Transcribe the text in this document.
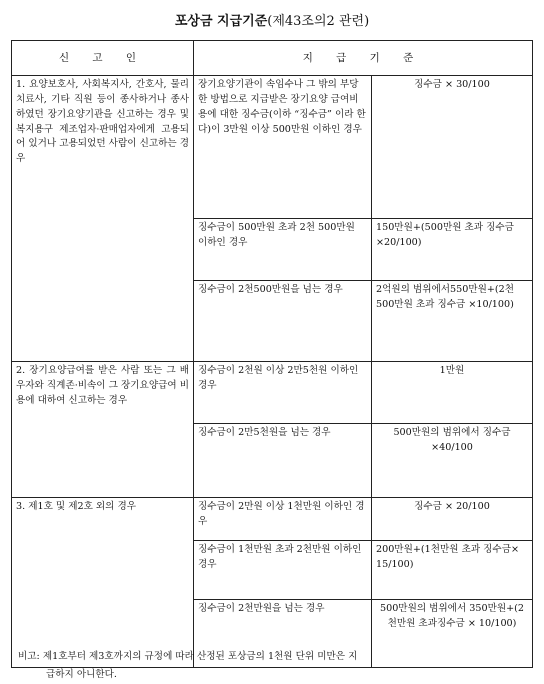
포상금 지급기준(제43조의2 관련)
신 고 인	지 급 기 준	
1. 요양보호사, 사회복지사, 간호사, 물리치료사, 기타 직원 등이 종사하거나 종사하였던 장기요양기관을 신고하는 경우 및 복지용구 제조업자·판매업자에게 고용되어 있거나 고용되었던 사람이 신고하는 경우	장기요양기관이 속임수나 그 밖의 부당한 방법으로 지급받은 장기요양 급여비용에 대한 징수금(이하 “징수금” 이라 한다)이 3만원 이상 500만원 이하인 경우	징수금 × 30/100
	징수금이 500만원 초과 2천 500만원 이하인 경우	150만원+(500만원 초과 징수금 ×20/100)
	징수금이 2천500만원을 넘는 경우	2억원의 범위에서550만원+(2천500만원 초과 징수금 ×10/100)
2. 장기요양급여를 받은 사람 또는 그 배우자와 직계존·비속이 그 장기요양급여 비용에 대하여 신고하는 경우	징수금이 2천원 이상 2만5천원 이하인 경우	1만원
	징수금이 2만5천원을 넘는 경우	500만원의 범위에서 징수금×40/100
3. 제1호 및 제2호 외의 경우	징수금이 2만원 이상 1천만원 이하인 경우	징수금 × 20/100
	징수금이 1천만원 초과 2천만원 이하인 경우	200만원+(1천만원 초과 징수금× 15/100)
	징수금이 2천만원을 넘는 경우	500만원의 범위에서 350만원+(2천만원 초과징수금 × 10/100)
비고: 제1호부터 제3호까지의 규정에 따라 산정된 포상금의 1천원 단위 미만은 지
급하지 아니한다.
